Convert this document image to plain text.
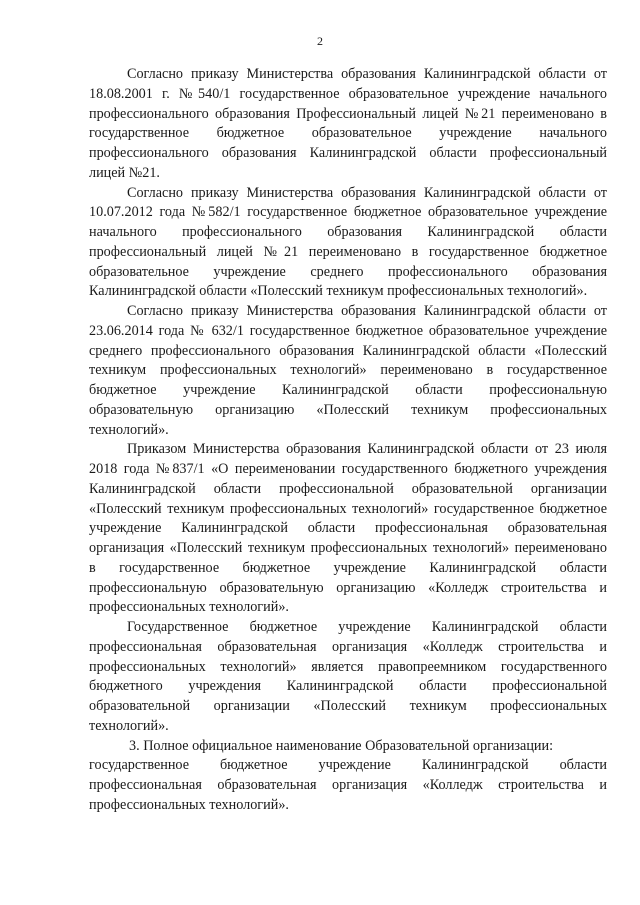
2

Согласно приказу Министерства образования Калининградской области от 18.08.2001 г. №540/1 государственное образовательное учреждение начального профессионального образования Профессиональный лицей №21 переименовано в государственное бюджетное образовательное учреждение начального профессионального образования Калининградской области профессиональный лицей №21.

Согласно приказу Министерства образования Калининградской области от 10.07.2012 года №582/1 государственное бюджетное образовательное учреждение начального профессионального образования Калининградской области профессиональный лицей №21 переименовано в государственное бюджетное образовательное учреждение среднего профессионального образования Калининградской области «Полесский техникум профессиональных технологий».

Согласно приказу Министерства образования Калининградской области от 23.06.2014 года № 632/1 государственное бюджетное образовательное учреждение среднего профессионального образования Калининградской области «Полесский техникум профессиональных технологий» переименовано в государственное бюджетное учреждение Калининградской области профессиональную образовательную организацию «Полесский техникум профессиональных технологий».

Приказом Министерства образования Калининградской области от 23 июля 2018 года №837/1 «О переименовании государственного бюджетного учреждения Калининградской области профессиональной образовательной организации «Полесский техникум профессиональных технологий» государственное бюджетное учреждение Калининградской области профессиональная образовательная организация «Полесский техникум профессиональных технологий» переименовано в государственное бюджетное учреждение Калининградской области профессиональную образовательную организацию «Колледж строительства и профессиональных технологий».

Государственное бюджетное учреждение Калининградской области профессиональная образовательная организация «Колледж строительства и профессиональных технологий» является правопреемником государственного бюджетного учреждения Калининградской области профессиональной образовательной организации «Полесский техникум профессиональных технологий».

3. Полное официальное наименование Образовательной организации:
государственное бюджетное учреждение Калининградской области профессиональная образовательная организация «Колледж строительства и профессиональных технологий».
